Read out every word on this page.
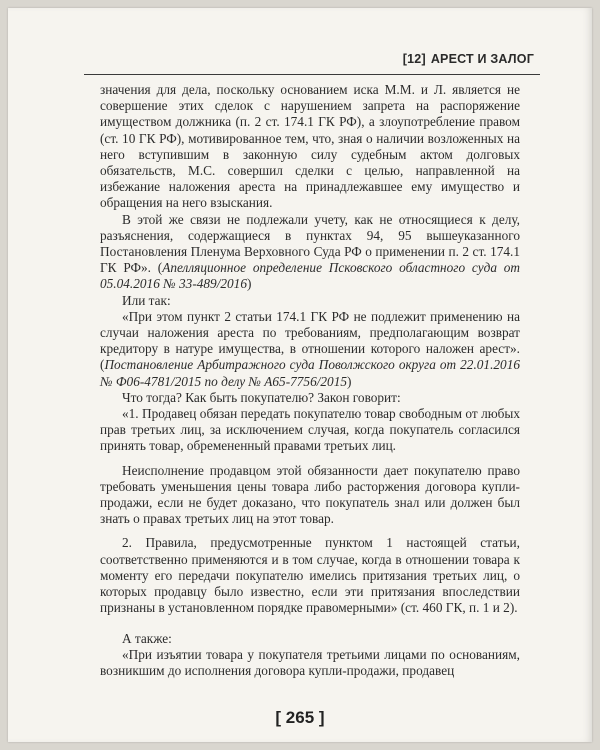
[12] АРЕСТ И ЗАЛОГ

значения для дела, поскольку основанием иска М.М. и Л. является не совершение этих сделок с нарушением запрета на распоряжение имуществом должника (п. 2 ст. 174.1 ГК РФ), а злоупотребление правом (ст. 10 ГК РФ), мотивированное тем, что, зная о наличии возложенных на него вступившим в законную силу судебным актом долговых обязательств, М.С. совершил сделки с целью, направленной на избежание наложения ареста на принадлежавшее ему имущество и обращения на него взыскания.

В этой же связи не подлежали учету, как не относящиеся к делу, разъяснения, содержащиеся в пунктах 94, 95 вышеуказанного Постановления Пленума Верховного Суда РФ о применении п. 2 ст. 174.1 ГК РФ». (Апелляционное определение Псковского областного суда от 05.04.2016 № 33-489/2016)

Или так:

«При этом пункт 2 статьи 174.1 ГК РФ не подлежит применению на случаи наложения ареста по требованиям, предполагающим возврат кредитору в натуре имущества, в отношении которого наложен арест». (Постановление Арбитражного суда Поволжского округа от 22.01.2016 № Ф06-4781/2015 по делу № А65-7756/2015)

Что тогда? Как быть покупателю? Закон говорит:

«1. Продавец обязан передать покупателю товар свободным от любых прав третьих лиц, за исключением случая, когда покупатель согласился принять товар, обремененный правами третьих лиц.

Неисполнение продавцом этой обязанности дает покупателю право требовать уменьшения цены товара либо расторжения договора купли-продажи, если не будет доказано, что покупатель знал или должен был знать о правах третьих лиц на этот товар.

2. Правила, предусмотренные пунктом 1 настоящей статьи, соответственно применяются и в том случае, когда в отношении товара к моменту его передачи покупателю имелись притязания третьих лиц, о которых продавцу было известно, если эти притязания впоследствии признаны в установленном порядке правомерными» (ст. 460 ГК, п. 1 и 2).

А также:

«При изъятии товара у покупателя третьими лицами по основаниям, возникшим до исполнения договора купли-продажи, продавец

[ 265 ]
